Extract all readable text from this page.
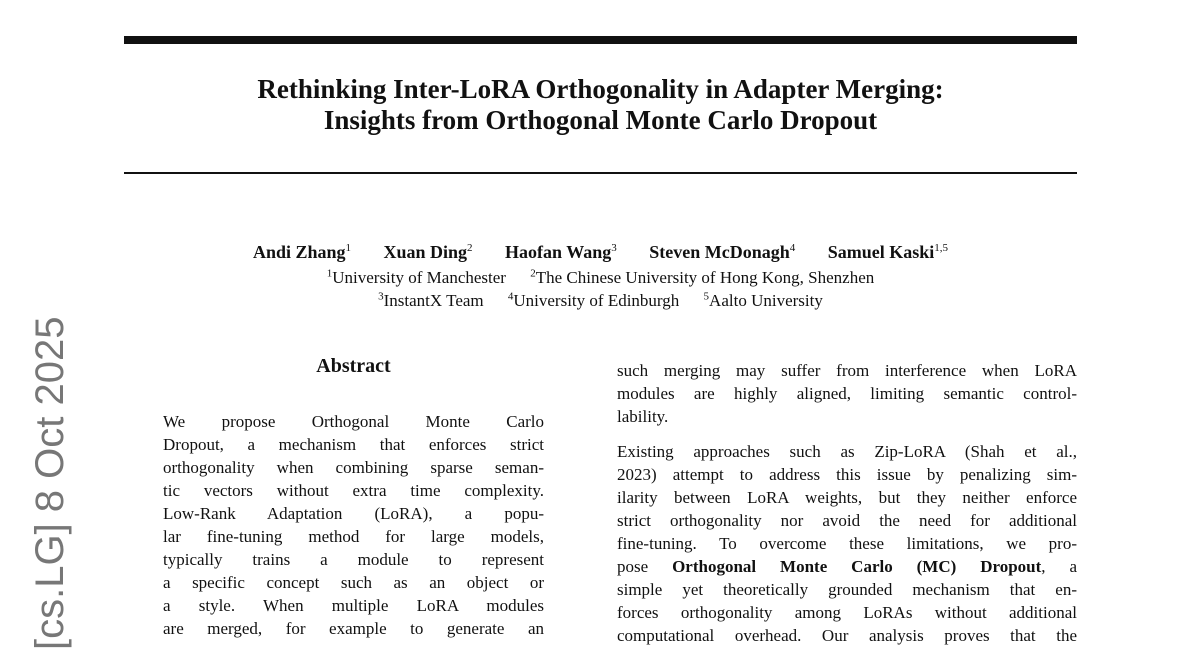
Rethinking Inter-LoRA Orthogonality in Adapter Merging:
Insights from Orthogonal Monte Carlo Dropout
Andi Zhang$^1$ Xuan Ding$^2$ Haofan Wang$^3$ Steven McDonagh$^4$ Samuel Kaski$^{1,5}$
$^1$University of Manchester $^2$The Chinese University of Hong Kong, Shenzhen
$^3$InstantX Team $^4$University of Edinburgh $^5$Aalto University
[cs.LG] 8 Oct 2025	Abstract
We propose Orthogonal Monte Carlo
Dropout, a mechanism that enforces strict
orthogonality when combining sparse seman-
tic vectors without extra time complexity.
Low-Rank Adaptation (LoRA), a popu-
lar fine-tuning method for large models,
typically trains a module to represent
a specific concept such as an object or
a style. When multiple LoRA modules
are merged, for example to generate an
such merging may suffer from interference when LoRA
modules are highly aligned, limiting semantic control-
lability.
Existing approaches such as Zip-LoRA (Shah et al.,
2023) attempt to address this issue by penalizing sim-
ilarity between LoRA weights, but they neither enforce
strict orthogonality nor avoid the need for additional
fine-tuning. To overcome these limitations, we pro-
pose Orthogonal Monte Carlo (MC) Dropout, a
simple yet theoretically grounded mechanism that en-
forces orthogonality among LoRAs without additional
computational overhead. Our analysis proves that the
